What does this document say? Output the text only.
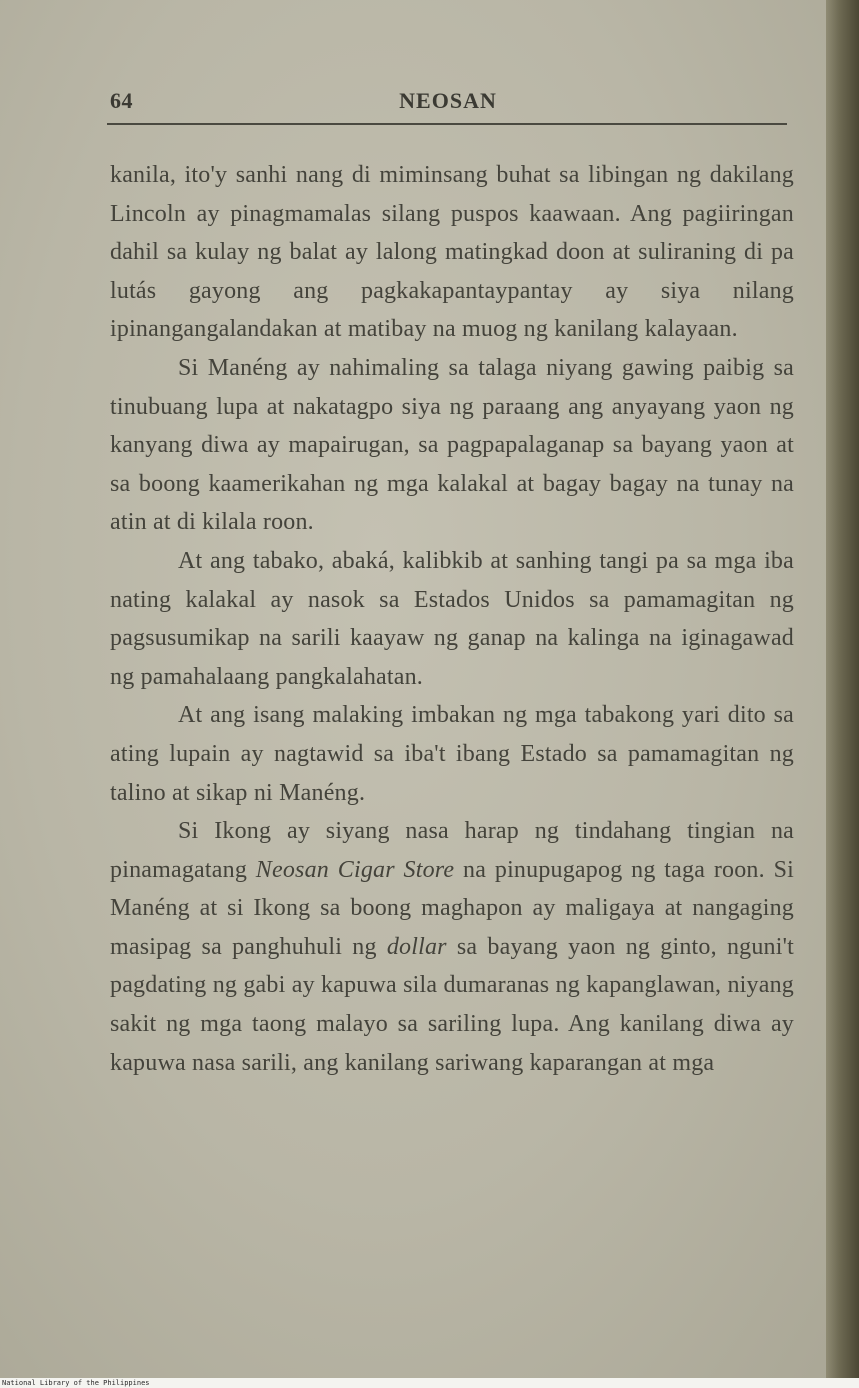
64	NEOSAN

kanila, ito'y sanhi nang di miminsang buhat sa libingan ng dakilang Lincoln ay pinagmamalas silang puspos kaawaan. Ang pagiiringan dahil sa kulay ng balat ay lalong matingkad doon at suliraning di pa lutás gayong ang pagkakapantaypantay ay siya nilang ipinangangalandakan at matibay na muog ng kanilang kalayaan.

Si Manéng ay nahimaling sa talaga niyang gawing paibig sa tinubuang lupa at nakatagpo siya ng paraang ang anyayang yaon ng kanyang diwa ay mapairugan, sa pagpapalaganap sa bayang yaon at sa boong kaamerikahan ng mga kalakal at bagay bagay na tunay na atin at di kilala roon.

At ang tabako, abaká, kalibkib at sanhing tangi pa sa mga iba nating kalakal ay nasok sa Estados Unidos sa pamamagitan ng pagsusumikap na sarili kaayaw ng ganap na kalinga na iginagawad ng pamahalaang pangkalahatan.

At ang isang malaking imbakan ng mga tabakong yari dito sa ating lupain ay nagtawid sa iba't ibang Estado sa pamamagitan ng talino at sikap ni Manéng.

Si Ikong ay siyang nasa harap ng tindahang tingian na pinamagatang Neosan Cigar Store na pinupugapog ng taga roon. Si Manéng at si Ikong sa boong maghapon ay maligaya at nangaging masipag sa panghuhuli ng dollar sa bayang yaon ng ginto, nguni't pagdating ng gabi ay kapuwa sila dumaranas ng kapanglawan, niyang sakit ng mga taong malayo sa sariling lupa. Ang kanilang diwa ay kapuwa nasa sarili, ang kanilang sariwang kaparangan at mga

National Library of the Philippines
